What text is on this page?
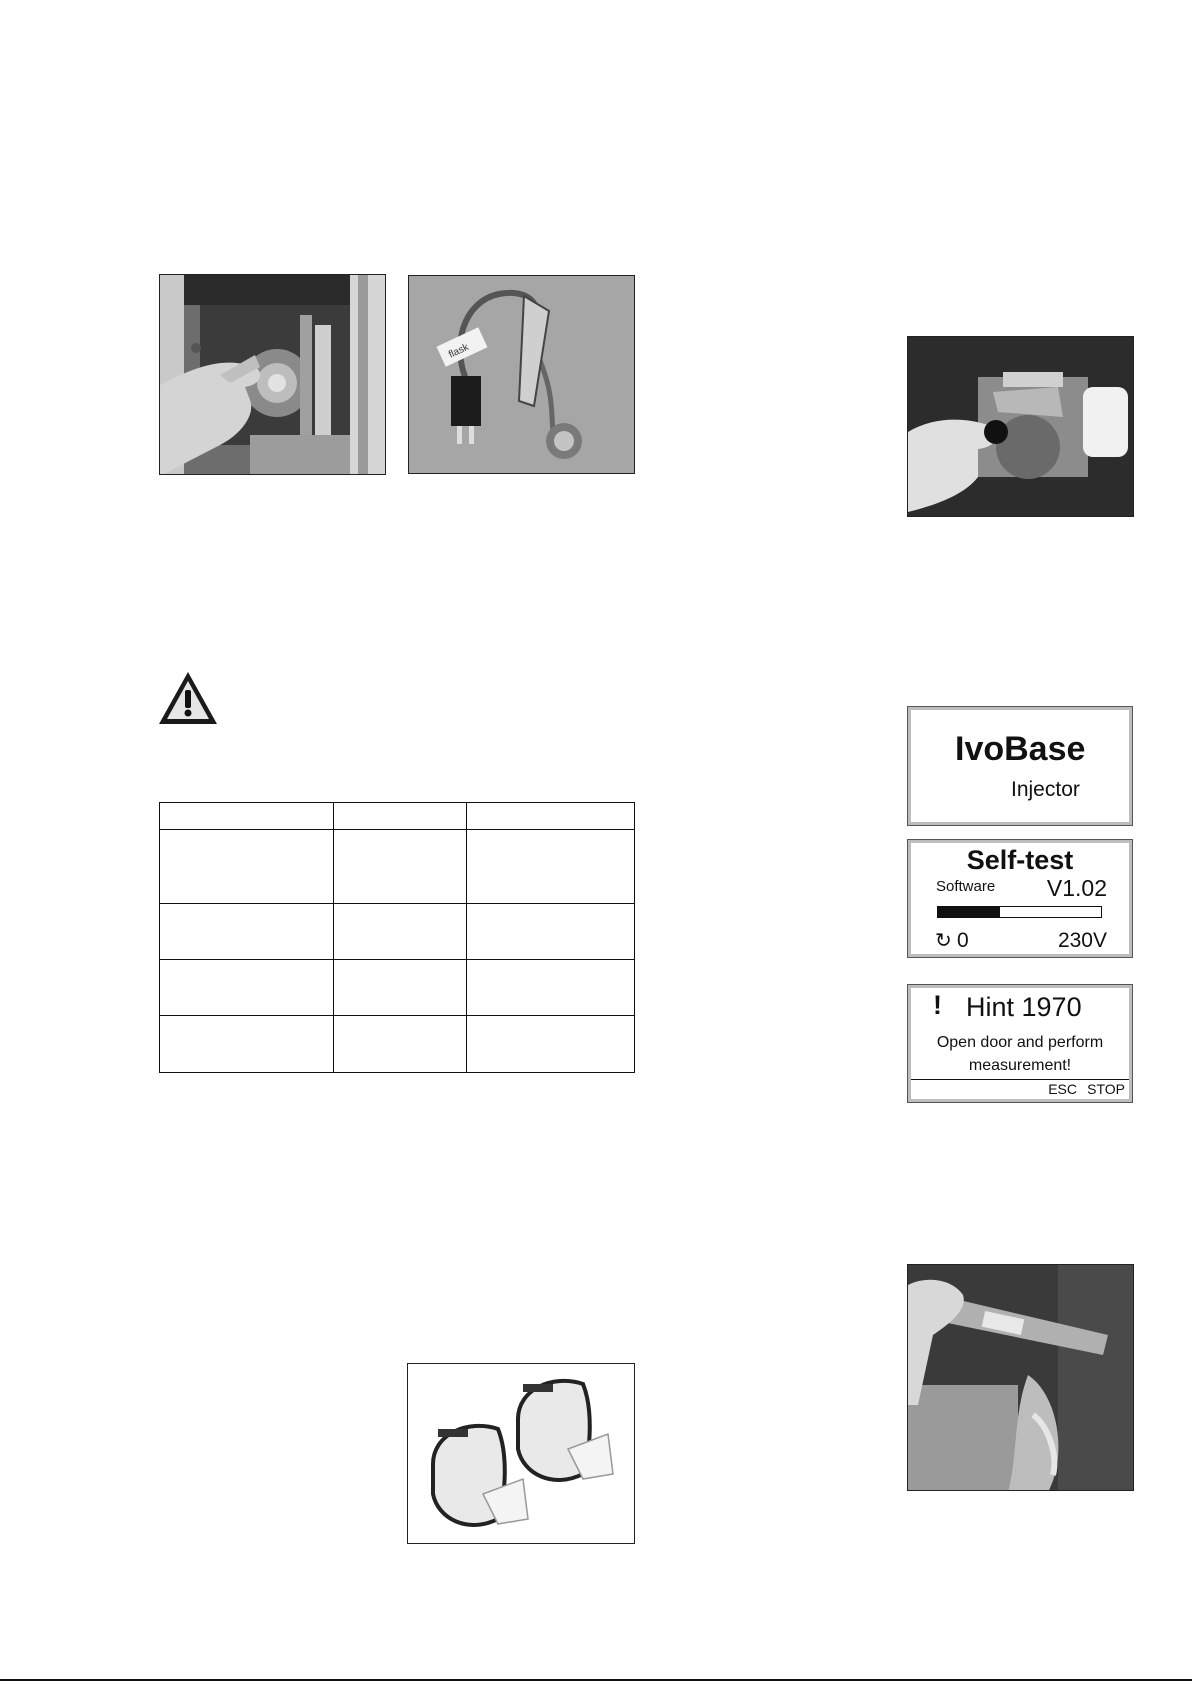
flask

IvoBase
Injector
Self-test
Software V1.02
↻ 0	230V
! Hint 1970
Open door and perform
measurement!
ESC STOP
